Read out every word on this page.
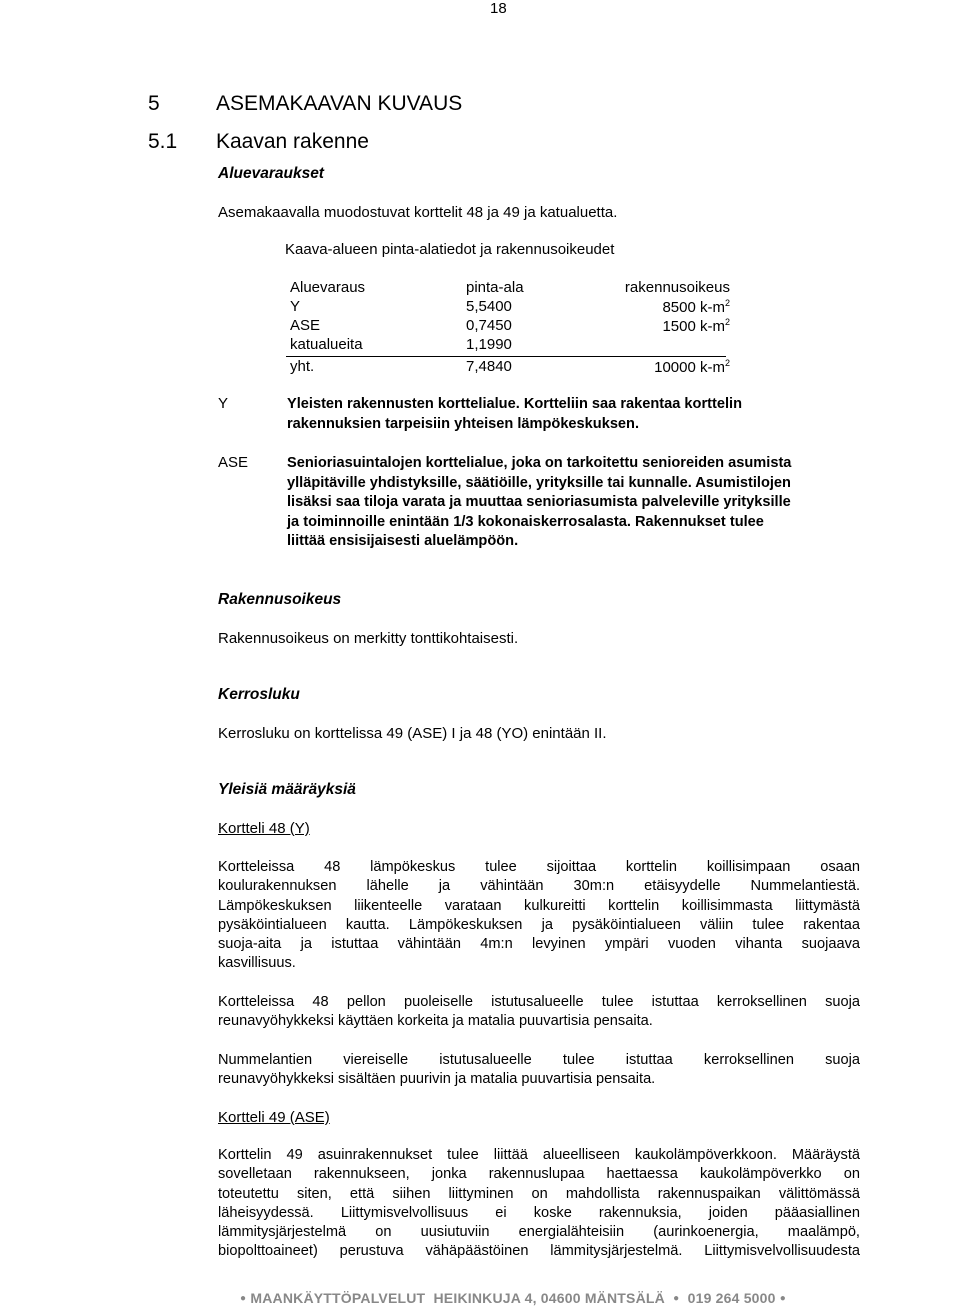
18
5	ASEMAKAAVAN KUVAUS
5.1 Kaavan rakenne
Aluevaraukset
Asemakaavalla muodostuvat korttelit 48 ja 49 ja katualuetta.
Kaava-alueen pinta-alatiedot ja rakennusoikeudet
Aluevaraus	pinta-ala	rakennusoikeus
Y	5,5400	8500 $k-m^2$
ASE	0,7450	1500 $k-m^2$
katualueita	1,1990
yht.	7,4840	10000 $k-m^2$
Y	Yleisten rakennusten korttelialue. Kortteliin saa rakentaa korttelin
rakennuksien tarpeisiin yhteisen lämpökeskuksen.
ASE	Senioriasuintalojen korttelialue, joka on tarkoitettu senioreiden asumista
ylläpitäville yhdistyksille, säätiöille, yrityksille tai kunnalle. Asumistilojen
lisäksi saa tiloja varata ja muuttaa senioriasumista palveleville yrityksille
ja toiminnoille enintään 1/3 kokonaiskerrosalasta. Rakennukset tulee
liittää ensisijaisesti aluelämpöön.
Rakennusoikeus
Rakennusoikeus on merkitty tonttikohtaisesti.
Kerrosluku
Kerrosluku on korttelissa 49 (ASE) I ja 48 (YO) enintään II.
Yleisiä määräyksiä
Kortteli 48 (Y)
Kortteleissa 48 lämpökeskus tulee sijoittaa korttelin koillisimpaan osaan
koulurakennuksen lähelle ja vähintään 30m:n etäisyydelle Nummelantiestä.
Lämpökeskuksen liikenteelle varataan kulkureitti korttelin koillisimmasta liittymästä
pysäköintialueen kautta. Lämpökeskuksen ja pysäköintialueen väliin tulee rakentaa
suoja-aita ja istuttaa vähintään 4m:n levyinen ympäri vuoden vihanta suojaava
kasvillisuus.
Kortteleissa 48 pellon puoleiselle istutusalueelle tulee istuttaa kerroksellinen suoja
reunavyöhykkeksi käyttäen korkeita ja matalia puuvartisia pensaita.
Nummelantien viereiselle istutusalueelle tulee istuttaa kerroksellinen suoja
reunavyöhykkeksi sisältäen puurivin ja matalia puuvartisia pensaita.
Kortteli 49 (ASE)
Korttelin 49 asuinrakennukset tulee liittää alueelliseen kaukolämpöverkkoon. Määräystä
sovelletaan rakennukseen, jonka rakennuslupaa haettaessa kaukolämpöverkko on
toteutettu siten, että siihen liittyminen on mahdollista rakennuspaikan välittömässä
läheisyydessä. Liittymisvelvollisuus ei koske rakennuksia, joiden pääasiallinen
lämmitysjärjestelmä on uusiutuviin energialähteisiin (aurinkoenergia, maalämpö,
biopolttoaineet) perustuva vähäpäästöinen lämmitysjärjestelmä. Liittymisvelvollisuudesta
● MAANKÄYTTÖPALVELUT HEIKINKUJA 4, 04600 MÄNTSÄLÄ ● 019 264 5000 ●
